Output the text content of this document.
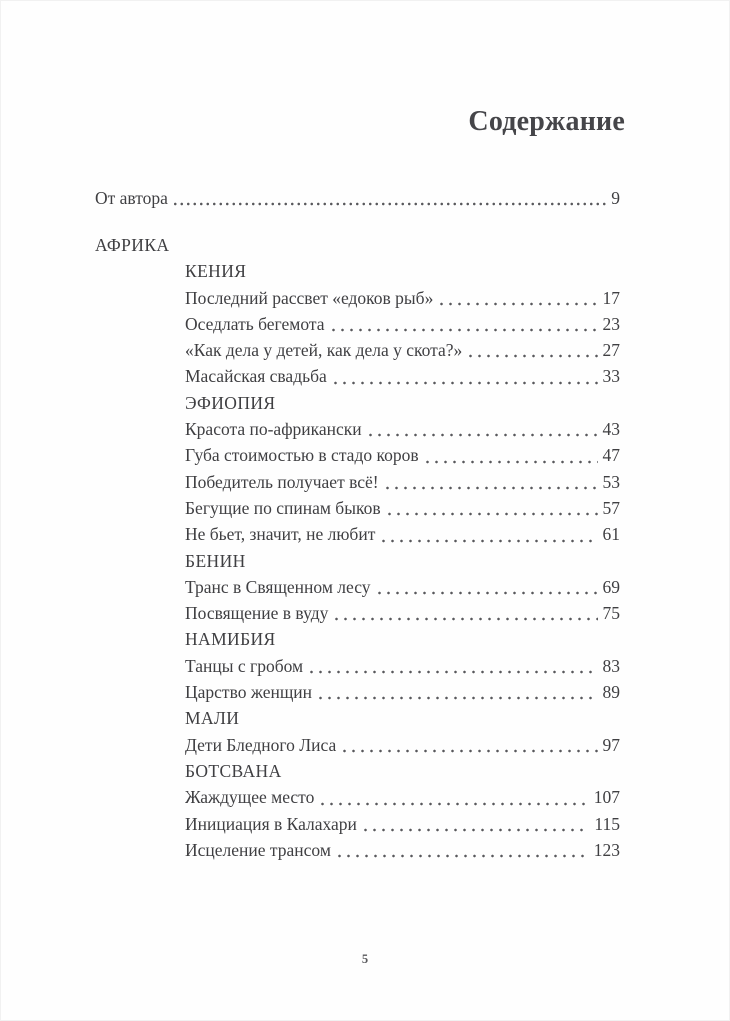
Содержание
От автора	9
АФРИКА
КЕНИЯ
Последний рассвет «едоков рыб»	17
Оседлать бегемота	23
«Как дела у детей, как дела у скота?»	27
Масайская свадьба	33
ЭФИОПИЯ
Красота по-африкански	43
Губа стоимостью в стадо коров	47
Победитель получает всё!	53
Бегущие по спинам быков	57
Не бьет, значит, не любит	61
БЕНИН
Транс в Священном лесу	69
Посвящение в вуду	75
НАМИБИЯ
Танцы с гробом	83
Царство женщин	89
МАЛИ
Дети Бледного Лиса	97
БОТСВАНА
Жаждущее место	107
Инициация в Калахари	115
Исцеление трансом	123
5
